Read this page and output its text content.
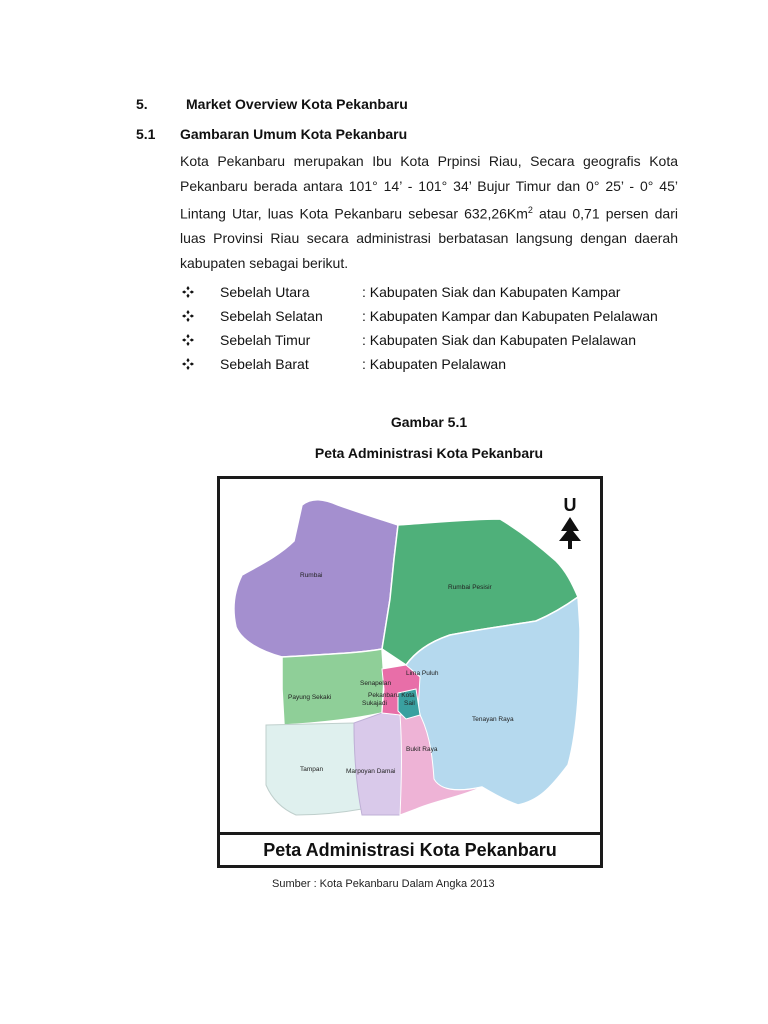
5.	Market Overview Kota Pekanbaru
5.1 Gambaran Umum Kota Pekanbaru
Kota Pekanbaru merupakan Ibu Kota Prpinsi Riau, Secara geografis Kota
Pekanbaru berada antara 101° 14’ - 101° 34’ Bujur Timur dan 0° 25’ - 0° 45’
Lintang Utar, luas Kota Pekanbaru sebesar 632,26Km$^2$ atau 0,71 persen dari
luas Provinsi Riau secara administrasi berbatasan langsung dengan daerah
kabupaten sebagai berikut.
Sebelah Utara	: Kabupaten Siak dan Kabupaten Kampar
Sebelah Selatan	: Kabupaten Kampar dan Kabupaten Pelalawan
Sebelah Timur	: Kabupaten Siak dan Kabupaten Pelalawan
Sebelah Barat	: Kabupaten Pelalawan
Gambar 5.1
Peta Administrasi Kota Pekanbaru
Rumbai
Rumbai Pesisir
Payung Sekaki
Lima Puluh
Senapelan
Pekanbaru Kota
Sukajadi	Sail
Tenayan Raya
Tampan	Marpoyan Damai
Bukit Raya
U
Peta Administrasi Kota Pekanbaru
Sumber : Kota Pekanbaru Dalam Angka 2013
